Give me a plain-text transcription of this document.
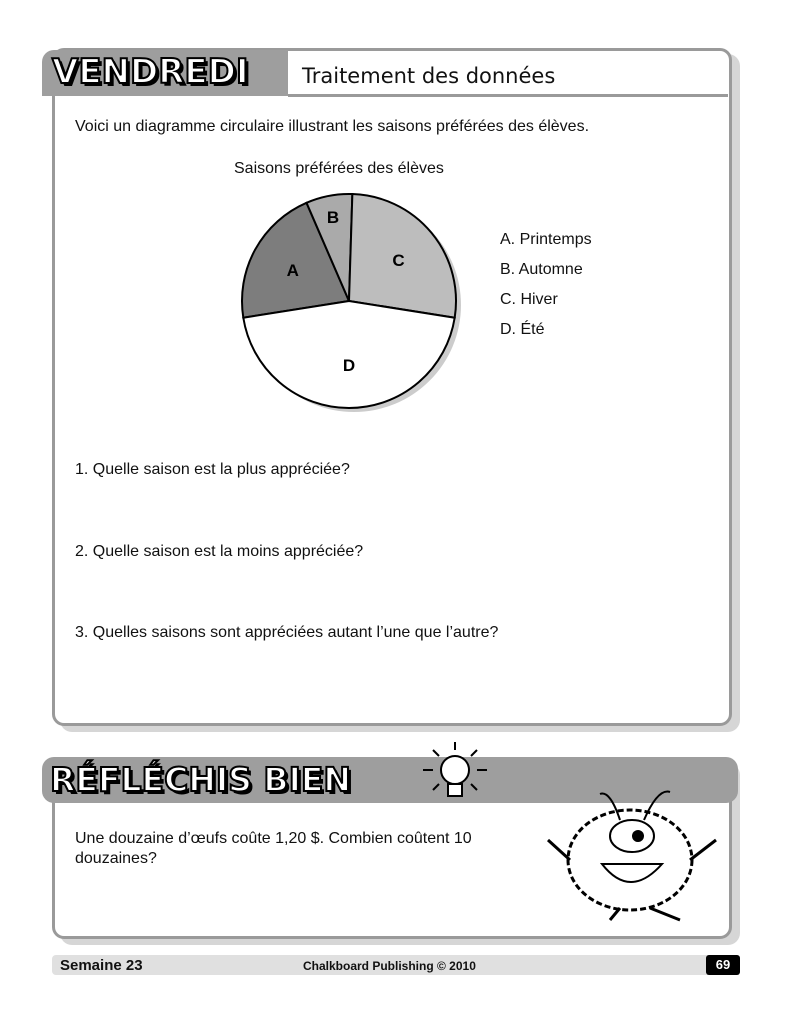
VENDREDI	Traitement des données
Voici un diagramme circulaire illustrant les saisons préférées des élèves.
Saisons préférées des élèves
A
B
C
D
A. Printemps
B. Automne
C. Hiver
D. Été
1. Quelle saison est la plus appréciée?
2. Quelle saison est la moins appréciée?
3. Quelles saisons sont appréciées autant l’une que l’autre?
RÉFLÉCHIS BIEN
Une douzaine d’œufs coûte 1,20 $. Combien coûtent 10 douzaines?
Semaine 23	Chalkboard Publishing © 2010	69
